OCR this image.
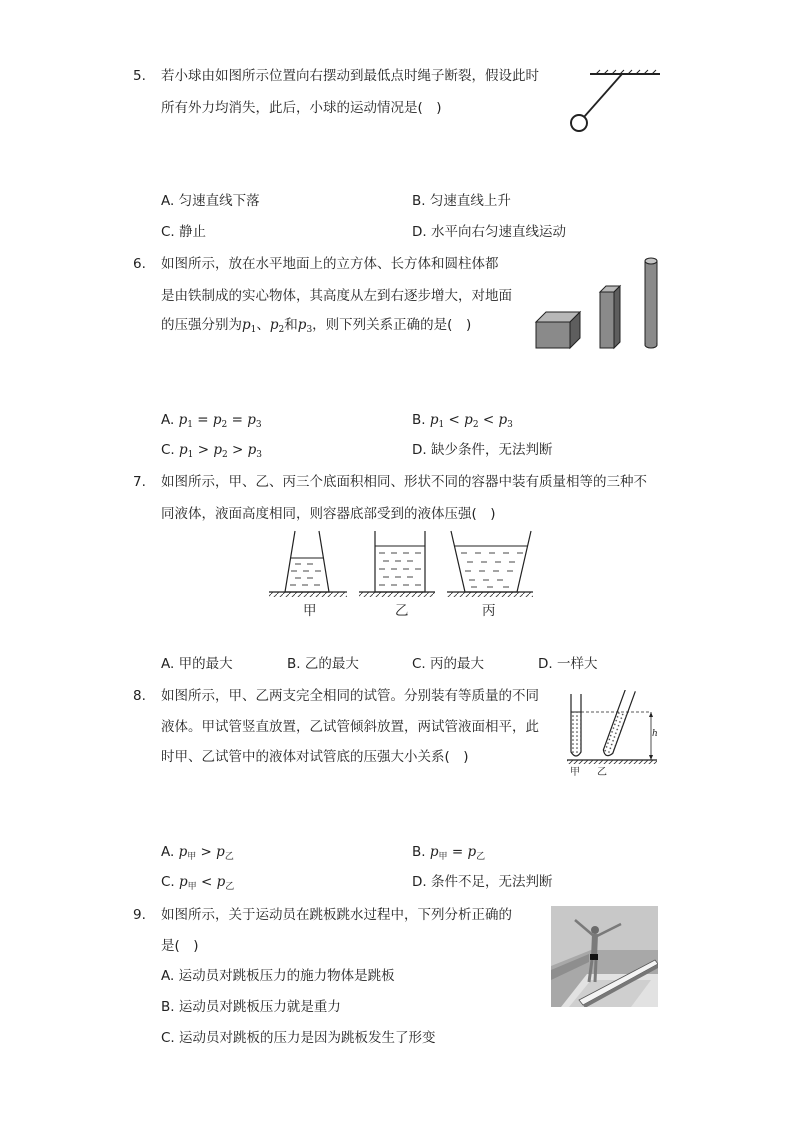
5. 若小球由如图所示位置向右摆动到最低点时绳子断裂，假设此时
所有外力均消失，此后，小球的运动情况是(　)
A. 匀速直线下落	B. 匀速直线上升
C. 静止	D. 水平向右匀速直线运动
6. 如图所示，放在水平地面上的立方体、长方体和圆柱体都
是由铁制成的实心物体，其高度从左到右逐步增大，对地面
的压强分别为$p_1$、$p_2$和$p_3$，则下列关系正确的是(　)
A. $p_1 = p_2 = p_3$	B. $p_1 < p_2 < p_3$
C. $p_1 > p_2 > p_3$	D. 缺少条件，无法判断
7. 如图所示，甲、乙、丙三个底面积相同、形状不同的容器中装有质量相等的三种不
同液体，液面高度相同，则容器底部受到的液体压强(　)
甲	乙	丙
A. 甲的最大	B. 乙的最大	C. 丙的最大	D. 一样大
8. 如图所示，甲、乙两支完全相同的试管。分别装有等质量的不同
液体。甲试管竖直放置，乙试管倾斜放置，两试管液面相平，此
时甲、乙试管中的液体对试管底的压强大小关系(　)
h
甲 乙
A. $p_甲 > p_乙$	B. $p_甲 = p_乙$
C. $p_甲 < p_乙$	D. 条件不足，无法判断
9. 如图所示，关于运动员在跳板跳水过程中，下列分析正确的
是(　)
A. 运动员对跳板压力的施力物体是跳板
B. 运动员对跳板压力就是重力
C. 运动员对跳板的压力是因为跳板发生了形变
